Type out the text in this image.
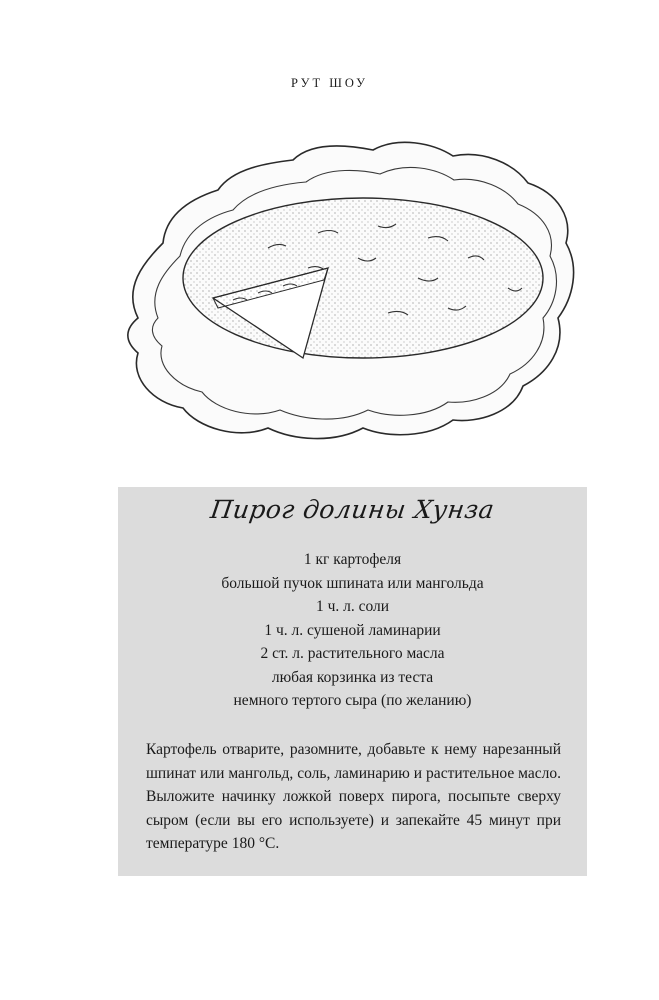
РУТ ШОУ
Пирог долины Хунза
1 кг картофеля
большой пучок шпината или мангольда
1 ч. л. соли
1 ч. л. сушеной ламинарии
2 ст. л. растительного масла
любая корзинка из теста
немного тертого сыра (по желанию)

Картофель отварите, разомните, добавьте к нему нарезанный шпинат или мангольд, соль, ламинарию и растительное масло. Выложите начинку ложкой поверх пирога, посыпьте сверху сыром (если вы его используете) и запекайте 45 минут при температуре 180 °С.
